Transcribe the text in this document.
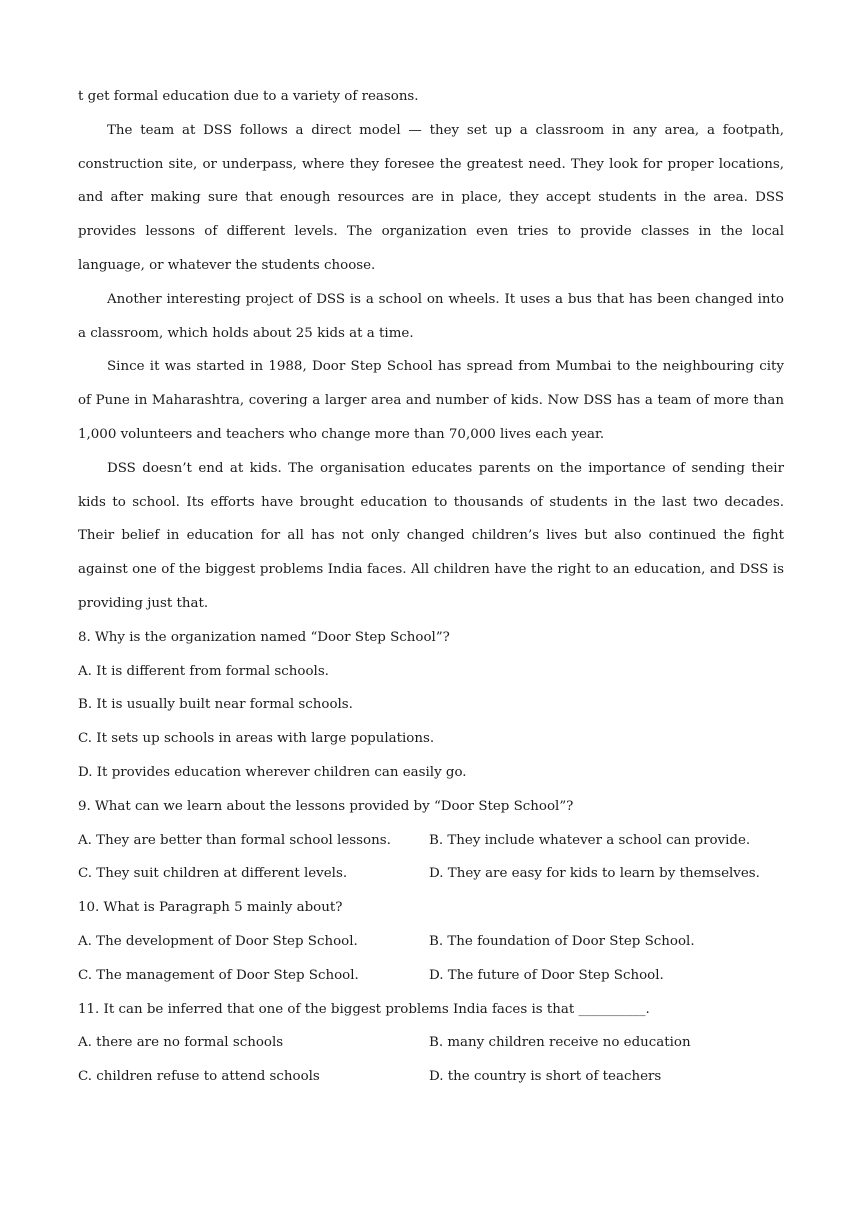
t get formal education due to a variety of reasons.

The team at DSS follows a direct model — they set up a classroom in any area, a footpath, construction site, or underpass, where they foresee the greatest need. They look for proper locations, and after making sure that enough resources are in place, they accept students in the area. DSS provides lessons of different levels. The organization even tries to provide classes in the local language, or whatever the students choose.

Another interesting project of DSS is a school on wheels. It uses a bus that has been changed into a classroom, which holds about 25 kids at a time.

Since it was started in 1988, Door Step School has spread from Mumbai to the neighbouring city of Pune in Maharashtra, covering a larger area and number of kids. Now DSS has a team of more than 1,000 volunteers and teachers who change more than 70,000 lives each year.

DSS doesn’t end at kids. The organisation educates parents on the importance of sending their kids to school. Its efforts have brought education to thousands of students in the last two decades. Their belief in education for all has not only changed children’s lives but also continued the fight against one of the biggest problems India faces. All children have the right to an education, and DSS is providing just that.

8. Why is the organization named “Door Step School”?

A. It is different from formal schools.

B. It is usually built near formal schools.

C. It sets up schools in areas with large populations.

D. It provides education wherever children can easily go.

9. What can we learn about the lessons provided by “Door Step School”?

A. They are better than formal school lessons.	B. They include whatever a school can provide.
C. They suit children at different levels.	D. They are easy for kids to learn by themselves.

10. What is Paragraph 5 mainly about?

A. The development of Door Step School.	B. The foundation of Door Step School.
C. The management of Door Step School.	D. The future of Door Step School.

11. It can be inferred that one of the biggest problems India faces is that __________.

A. there are no formal schools	B. many children receive no education
C. children refuse to attend schools	D. the country is short of teachers
